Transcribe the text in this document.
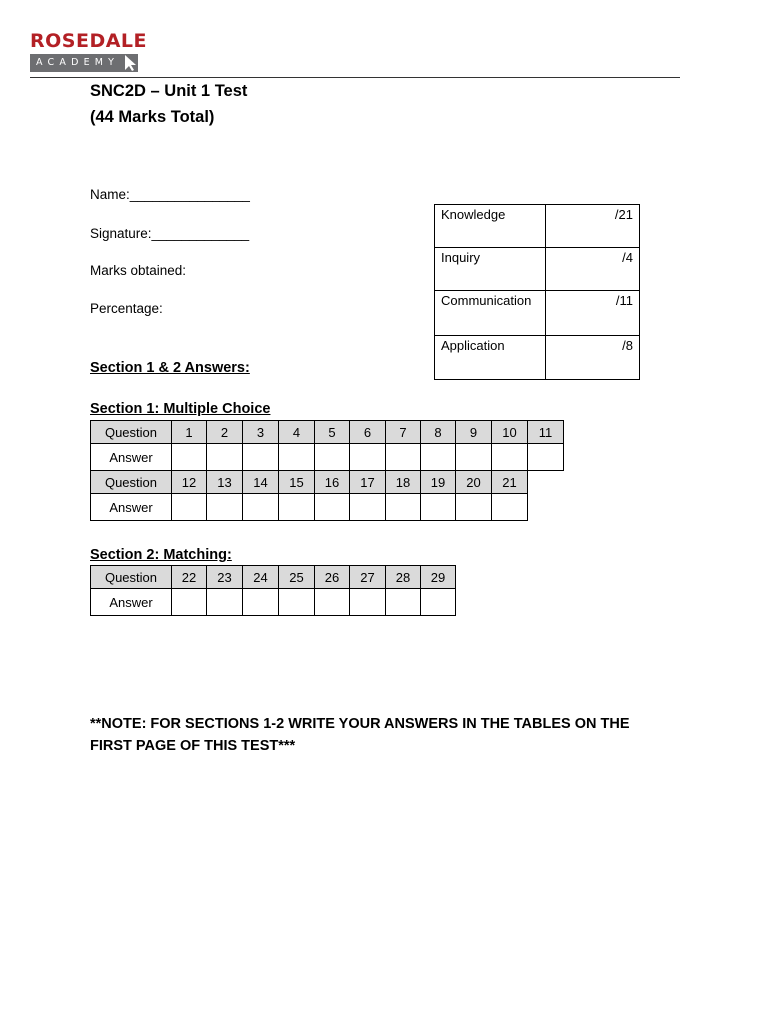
ROSEDALE
ACADEMY
SNC2D – Unit 1 Test
(44 Marks Total)
Name:________________
Signature:_____________
Marks obtained:
Percentage:
Knowledge	/21
Inquiry	/4
Communication	/11
Application	/8
Section 1 & 2 Answers:
Section 1: Multiple Choice
Question	1	2	3	4	5	6	7	8	9	10	11
Answer											
Question	12	13	14	15	16	17	18	19	20	21
Answer										
Section 2: Matching:
Question	22	23	24	25	26	27	28	29
Answer								
**NOTE: FOR SECTIONS 1-2 WRITE YOUR ANSWERS IN THE TABLES ON THE FIRST PAGE OF THIS TEST***
